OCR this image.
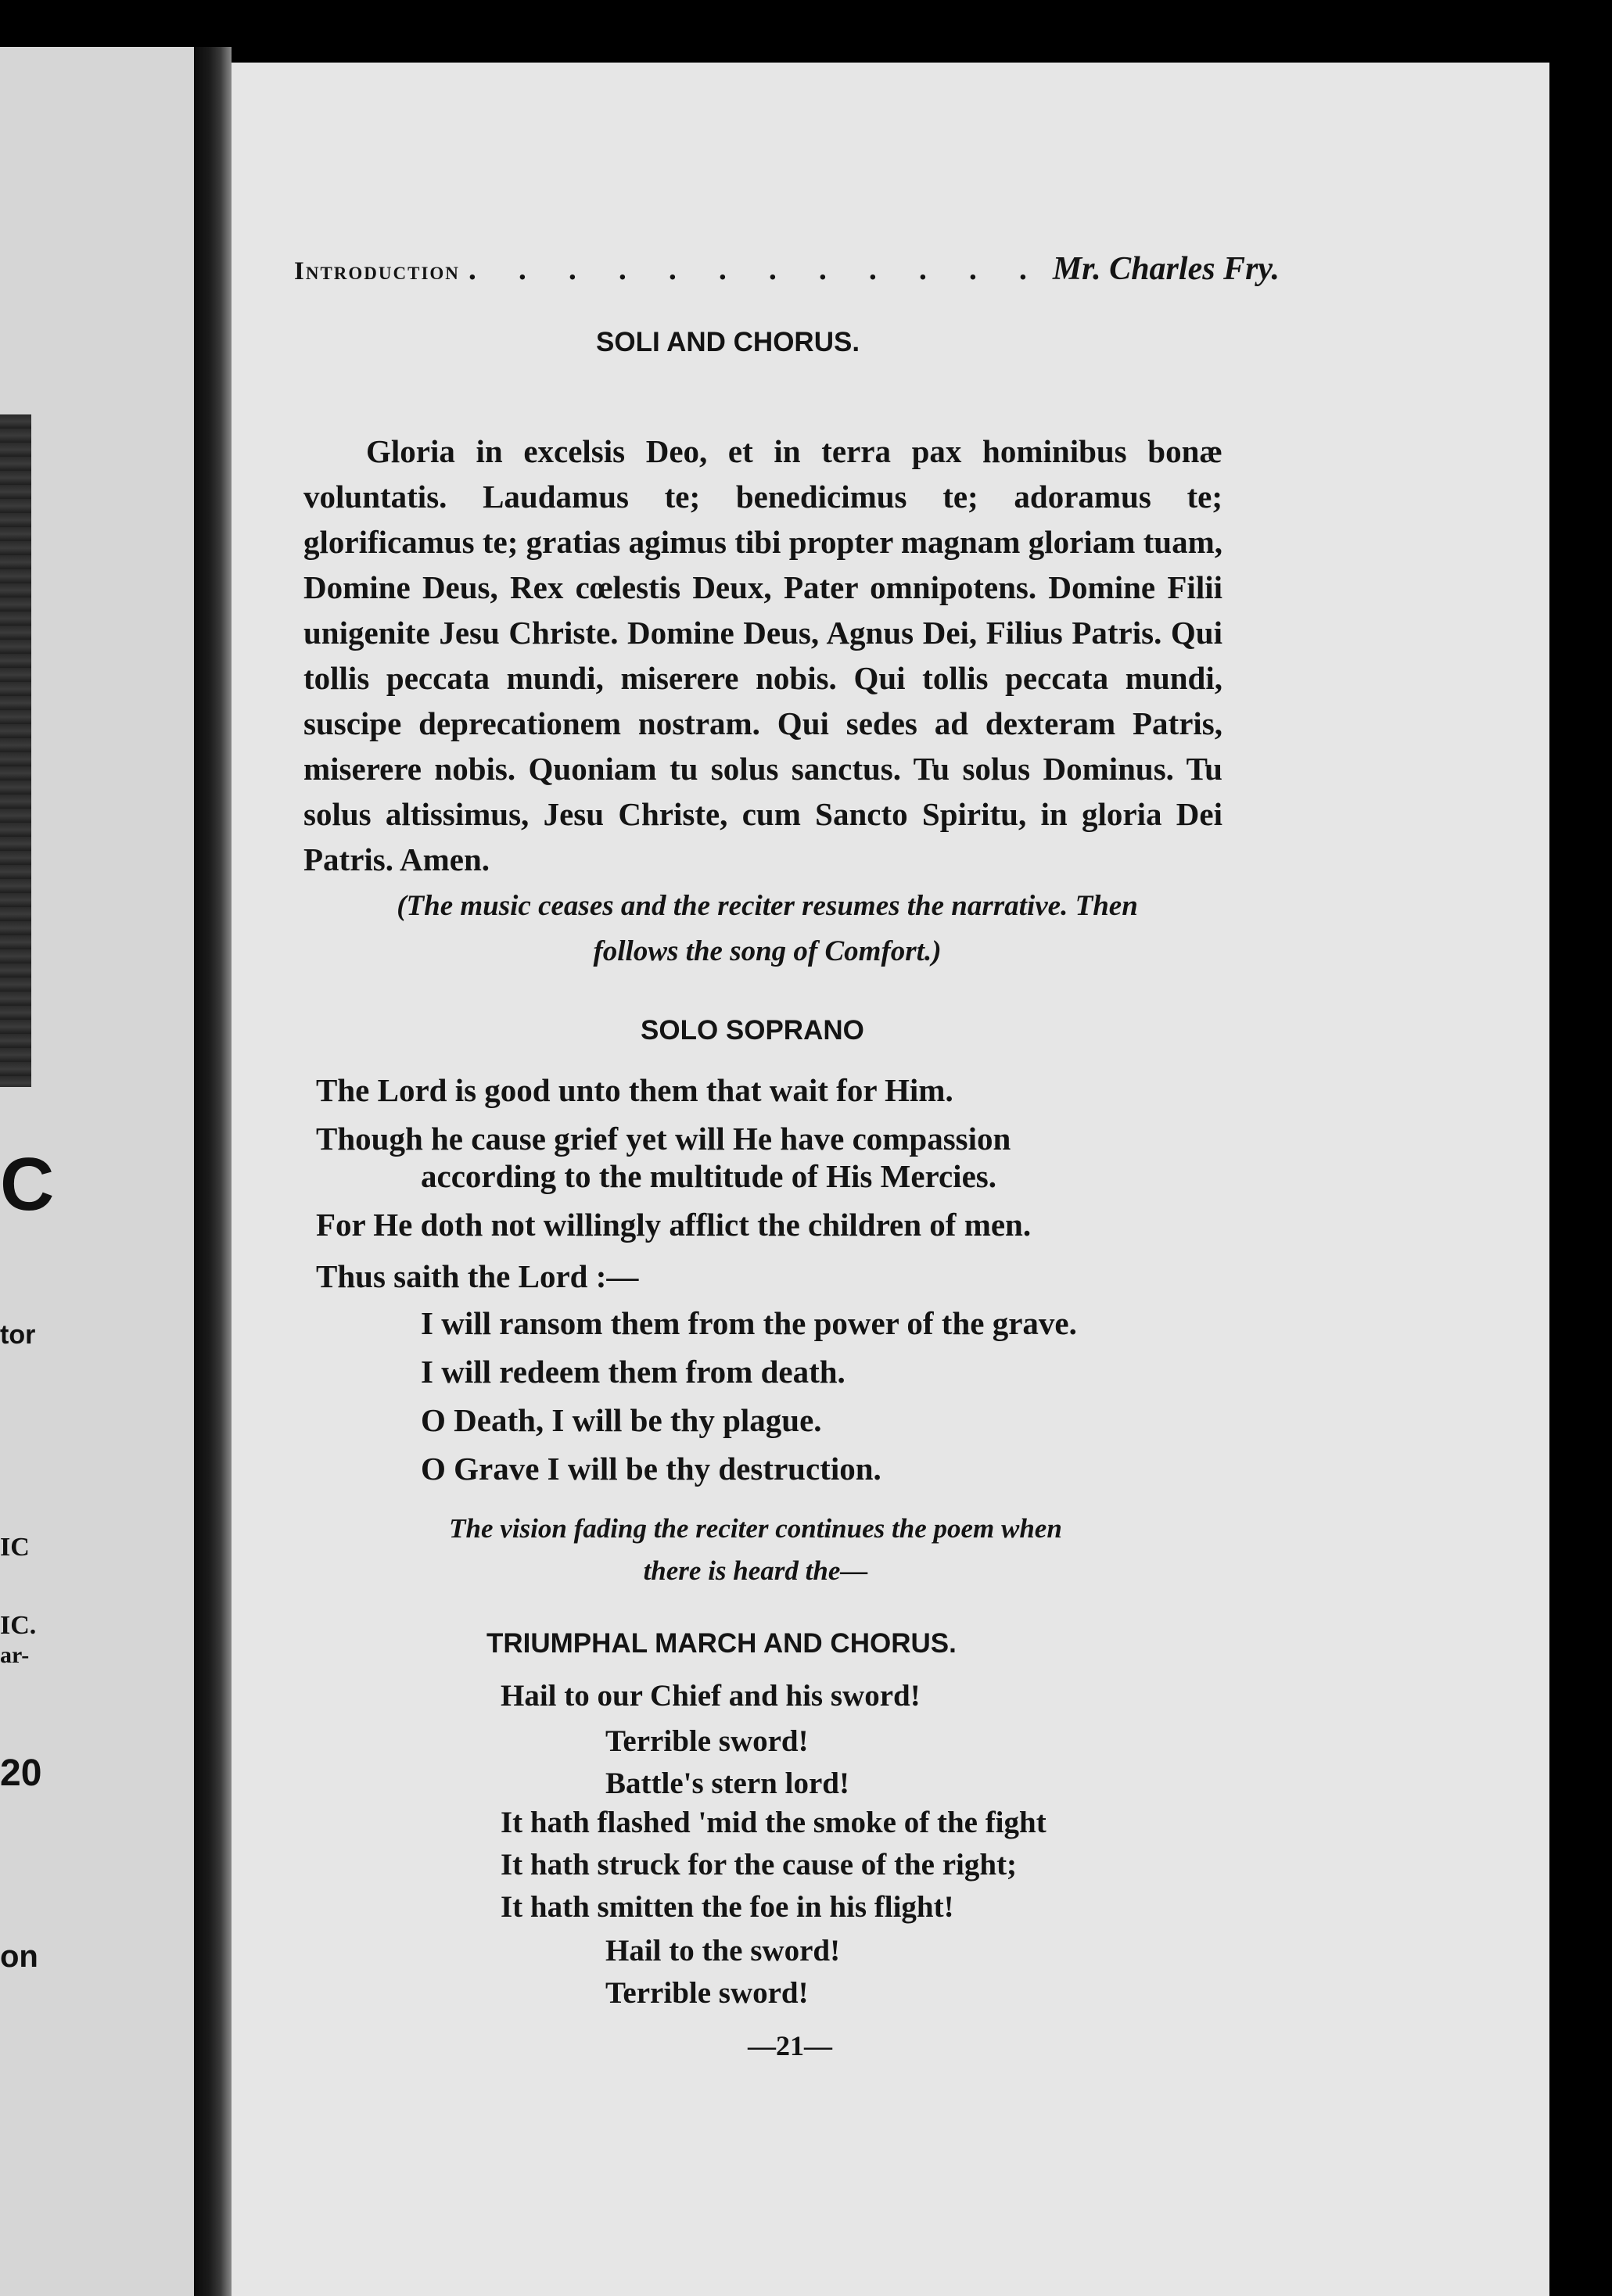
C
tor
IC
IC.
ar-
20
on
Introduction . . . . . . . . . . . . Mr. Charles Fry.
SOLI AND CHORUS.

Gloria in excelsis Deo, et in terra pax hominibus bonæ voluntatis. Laudamus te; benedicimus te; adoramus te; glorificamus te; gratias agimus tibi propter magnam gloriam tuam, Domine Deus, Rex cœlestis Deux, Pater omnipotens. Domine Filii unigenite Jesu Christe. Domine Deus, Agnus Dei, Filius Patris. Qui tollis peccata mundi, miserere nobis. Qui tollis peccata mundi, suscipe deprecationem nostram. Qui sedes ad dexteram Patris, miserere nobis. Quoniam tu solus sanctus. Tu solus Dominus. Tu solus altissimus, Jesu Christe, cum Sancto Spiritu, in gloria Dei Patris. Amen.

(The music ceases and the reciter resumes the narrative. Then
follows the song of Comfort.)
SOLO SOPRANO
The Lord is good unto them that wait for Him.
Though he cause grief yet will He have compassion
according to the multitude of His Mercies.
For He doth not willingly afflict the children of men.
Thus saith the Lord :—
I will ransom them from the power of the grave.
I will redeem them from death.
O Death, I will be thy plague.
O Grave I will be thy destruction.
The vision fading the reciter continues the poem when
there is heard the—
TRIUMPHAL MARCH AND CHORUS.
Hail to our Chief and his sword!
Terrible sword!
Battle's stern lord!
It hath flashed 'mid the smoke of the fight
It hath struck for the cause of the right;
It hath smitten the foe in his flight!
Hail to the sword!
Terrible sword!
—21—
